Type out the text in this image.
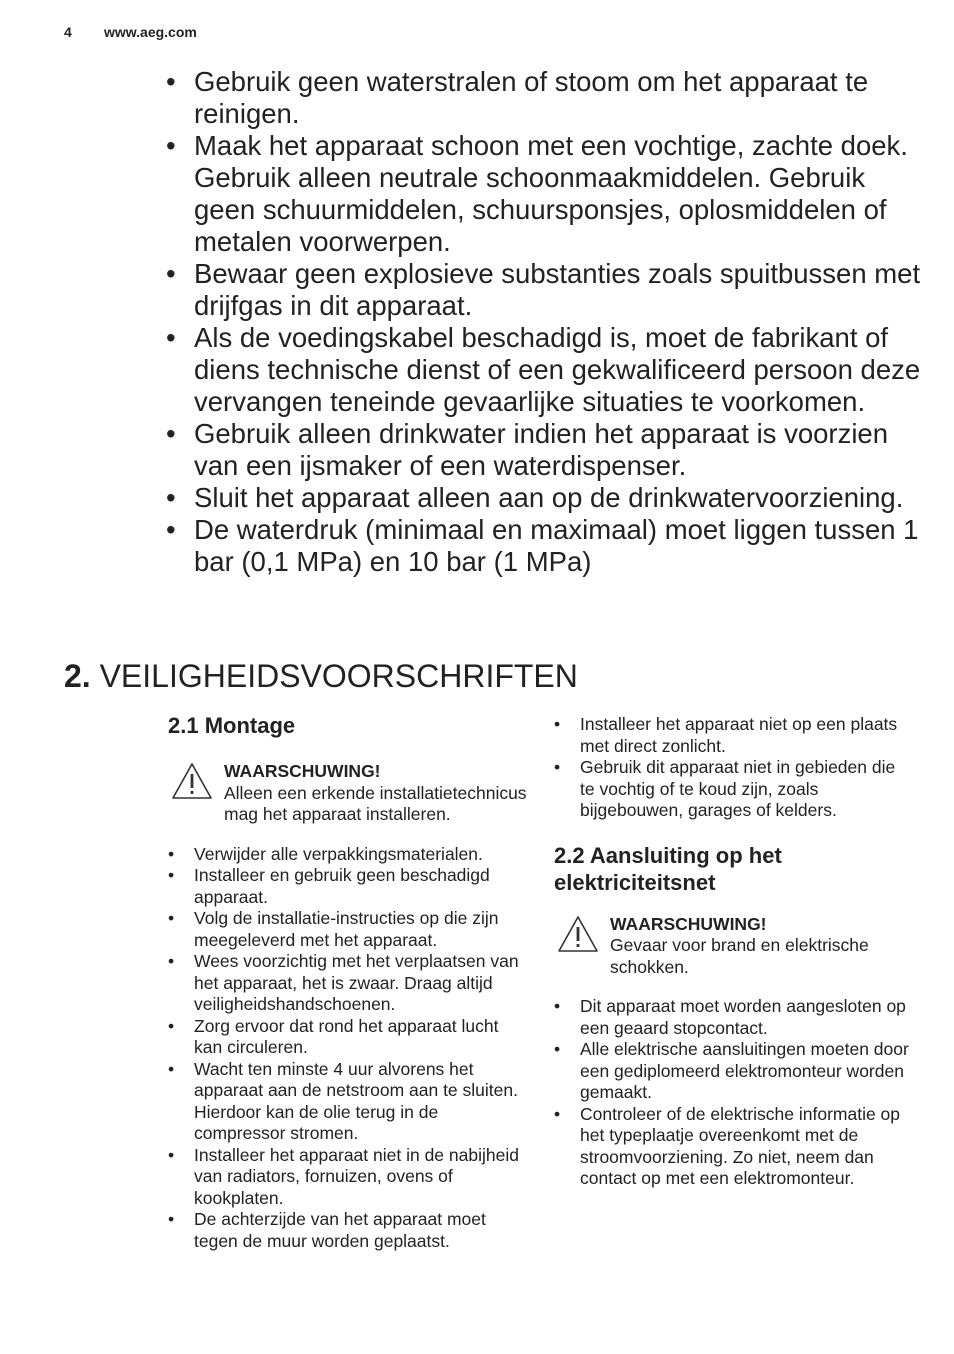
4 www.aeg.com
• Gebruik geen waterstralen of stoom om het apparaat te reinigen.
• Maak het apparaat schoon met een vochtige, zachte doek. Gebruik alleen neutrale schoonmaakmiddelen. Gebruik geen schuurmiddelen, schuursponsjes, oplosmiddelen of metalen voorwerpen.
• Bewaar geen explosieve substanties zoals spuitbussen met drijfgas in dit apparaat.
• Als de voedingskabel beschadigd is, moet de fabrikant of diens technische dienst of een gekwalificeerd persoon deze vervangen teneinde gevaarlijke situaties te voorkomen.
• Gebruik alleen drinkwater indien het apparaat is voorzien van een ijsmaker of een waterdispenser.
• Sluit het apparaat alleen aan op de drinkwatervoorziening.
• De waterdruk (minimaal en maximaal) moet liggen tussen 1 bar (0,1 MPa) en 10 bar (1 MPa)
2. VEILIGHEIDSVOORSCHRIFTEN
2.1 Montage
WAARSCHUWING!
Alleen een erkende installatietechnicus mag het apparaat installeren.
• Verwijder alle verpakkingsmaterialen.
• Installeer en gebruik geen beschadigd apparaat.
• Volg de installatie-instructies op die zijn meegeleverd met het apparaat.
• Wees voorzichtig met het verplaatsen van het apparaat, het is zwaar. Draag altijd veiligheidshandschoenen.
• Zorg ervoor dat rond het apparaat lucht kan circuleren.
• Wacht ten minste 4 uur alvorens het apparaat aan de netstroom aan te sluiten. Hierdoor kan de olie terug in de compressor stromen.
• Installeer het apparaat niet in de nabijheid van radiators, fornuizen, ovens of kookplaten.
• De achterzijde van het apparaat moet tegen de muur worden geplaatst.
• Installeer het apparaat niet op een plaats met direct zonlicht.
• Gebruik dit apparaat niet in gebieden die te vochtig of te koud zijn, zoals bijgebouwen, garages of kelders.
2.2 Aansluiting op het elektriciteitsnet
WAARSCHUWING!
Gevaar voor brand en elektrische schokken.
• Dit apparaat moet worden aangesloten op een geaard stopcontact.
• Alle elektrische aansluitingen moeten door een gediplomeerd elektromonteur worden gemaakt.
• Controleer of de elektrische informatie op het typeplaatje overeenkomt met de stroomvoorziening. Zo niet, neem dan contact op met een elektromonteur.
